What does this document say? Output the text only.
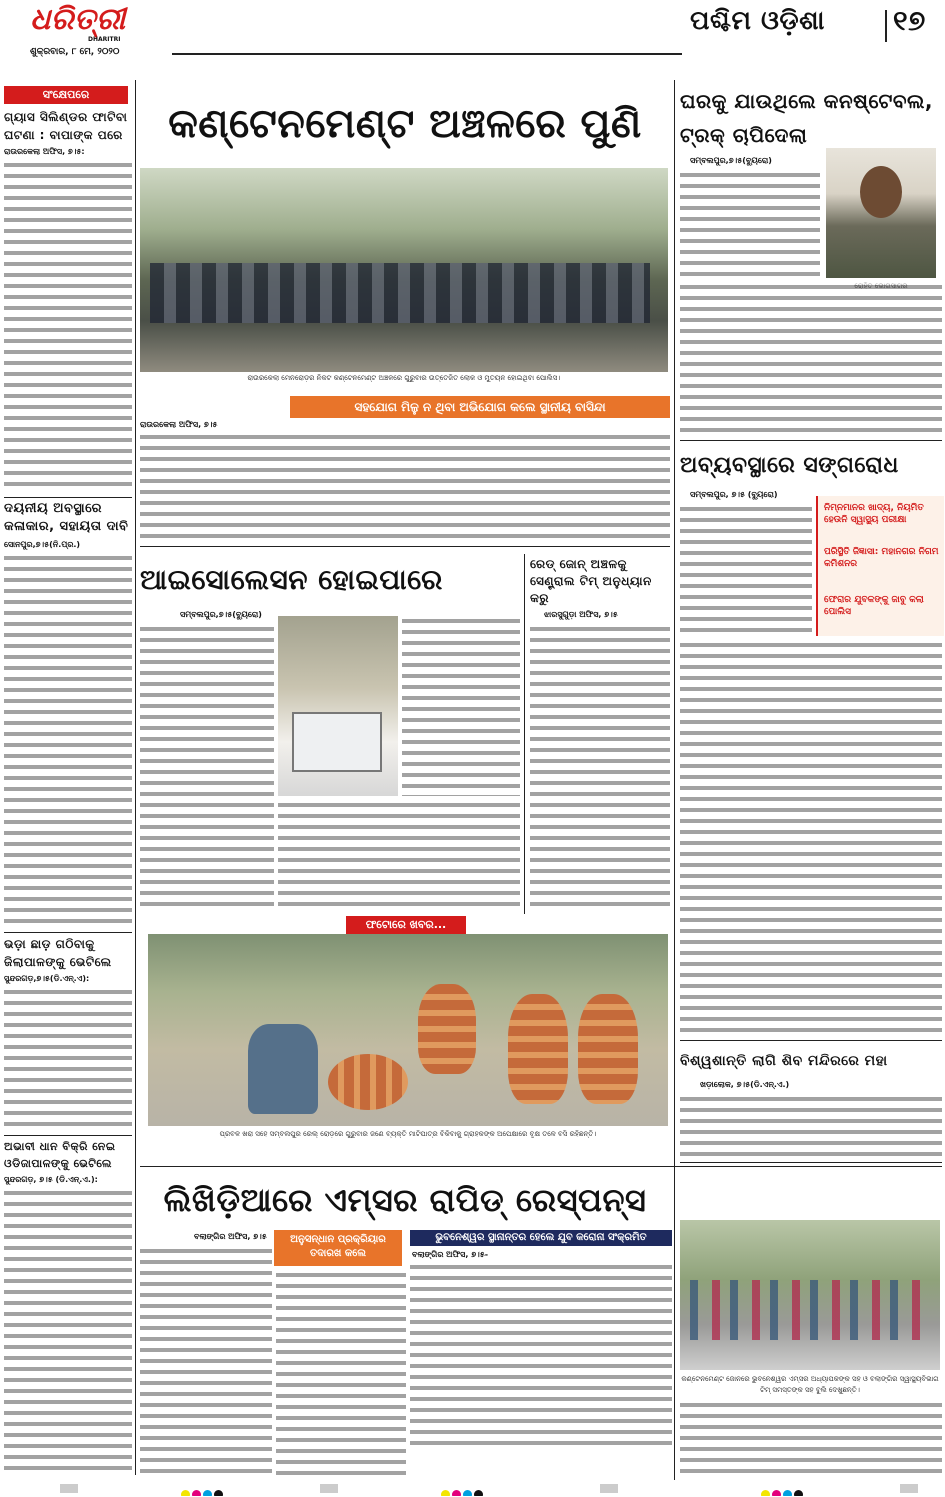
ଧରିତ୍ରୀ
DHARITRI
ଶୁକ୍ରବାର, ୮ ମେ, ୨୦୨୦
ପଶ୍ଚିମ ଓଡ଼ିଶା	୧୭
ସଂକ୍ଷେପରେ
ଗ୍ୟାସ ସିଲିଣ୍ଡର ଫାଟିବା ଘଟଣା : ବାପାଙ୍କ ପରେ
ରାଉରକେଲା ଅଫିସ, ୭।୫:
ଦୟନୀୟ ଅବସ୍ଥାରେ କଳାକାର, ସହାୟତା ଦାବି
ସୋନପୁର,୭।୫(ନି.ପ୍ର.)
ଭଡ଼ା ଛାଡ଼ ଗଠିବାକୁ ଜିଲାପାଳଙ୍କୁ ଭେଟିଲେ
ସୁନ୍ଦରଗଡ଼,୭।୫(ଡି.ଏନ୍.ଏ):
ଅଭାବୀ ଧାନ ବିକ୍ରି ନେଇ ଓଡିଜାପାଳଙ୍କୁ ଭେଟିଲେ
ସୁନ୍ଦରଗଡ଼, ୭।୫ (ଡି.ଏନ୍.ଏ.):
କଣ୍ଟେନମେଣ୍ଟ ଅଞ୍ଚଳରେ ପୁଣି
ରାଉରକେଲା ମେନରୋଡ଼ର ନିକଟ କଣ୍ଟେନମେଣ୍ଟ ଅଞ୍ଚଳରେ ଗୁରୁବାର ଉତ୍ତେଜିତ ଲୋକ ଓ ମୁତୟନ ହୋଇଥିବା ପୋଲିସ।
ସହଯୋଗ ମିଳୁ ନ ଥିବା ଅଭିଯୋଗ କଲେ ସ୍ଥାନୀୟ ବାସିନ୍ଦା
ରାଉରକେଲା ଅଫିସ, ୭।୫
ଘରକୁ ଯାଉଥିଲେ କନଷ୍ଟେବଲ, ଟ୍ରକ୍ ଚାପିଦେଲା
ସମ୍ବଲପୁର,୭।୫(ବ୍ୟୁରୋ)
ଅବ୍ୟବସ୍ଥାରେ ସଙ୍ଗରୋଧ
ସମ୍ବଲପୁର, ୭।୫ (ବ୍ୟୁରୋ)
ନିମ୍ନମାନର ଖାଦ୍ୟ, ନିୟମିତ ହେଉନି ସ୍ୱାସ୍ଥ୍ୟ ପରୀକ୍ଷା
ପରିସ୍ଥିତି ଜିଜ୍ଞାସା: ମହାନଗର ନିଗମ କମିଶନର
ଫେରାର ଯୁବକଙ୍କୁ ଜାବୁ କଲା ପୋଲିସ
ବିଶ୍ୱଶାନ୍ତି ଲାଗି ଶିବ ମନ୍ଦିରରେ ମହା
ଖଡ଼ାଲୋକ, ୭।୫(ଡି.ଏନ୍.ଏ.)
ଆଇସୋଲେସନ ହୋଇପାରେ
ସମ୍ବଲପୁର,୭।୫(ବ୍ୟୁରୋ)
ରେଡ୍ ଜୋନ୍ ଅଞ୍ଚଳକୁ ସେଣ୍ଟ୍ରାଲ ଟିମ୍ ଅନୁଧ୍ୟାନ କରୁ
ଝାରସୁଗୁଡ଼ା ଅଫିସ, ୭।୫
ଫଟୋରେ ଖବର...
ପ୍ରବଳ ଖରା ସହେ ସମ୍ବଲପୁର ରେଲ୍ ରୋଡ଼ରେ ଗୁରୁବାର ଜଣେ ବ୍ୟକ୍ତି ମାଟିପାତ୍ର ବିକିବାକୁ ଗ୍ରାହକଙ୍କ ଅପେକ୍ଷାରେ ବୃକ୍ଷ ତଳେ ବସି ରହିଛନ୍ତି।
ଲିଖିଡ଼ିଆରେ ଏମ୍ସର ରାପିଡ୍ ରେସ୍ପନ୍ସ
ବଲାଙ୍ଗିର ଅଫିସ, ୭।୫	ଅନୁସନ୍ଧାନ ପ୍ରକ୍ରିୟାର ତଦାରଖ କଲେ
ଭୁବନେଶ୍ୱର ସ୍ଥାନାନ୍ତର ହେଲେ ଯୁବ କରୋନା ସଂକ୍ରମିତ
ବଲାଙ୍ଗିର ଅଫିସ, ୭।୫-
କଣ୍ଟେନମେଣ୍ଟ ଜୋନରେ ଭୁବନେଶ୍ୱର ଏମ୍ସର ଅଧ୍ୟାପକଙ୍କ ସହ ଓ ବଲାଙ୍ଗିର ସ୍ୱାସ୍ଥ୍ୟବିଭାଗ ଟିମ୍ ସମସ୍ତଙ୍କ ସହ ବୁଲି ଦେଖୁଛନ୍ତି।
